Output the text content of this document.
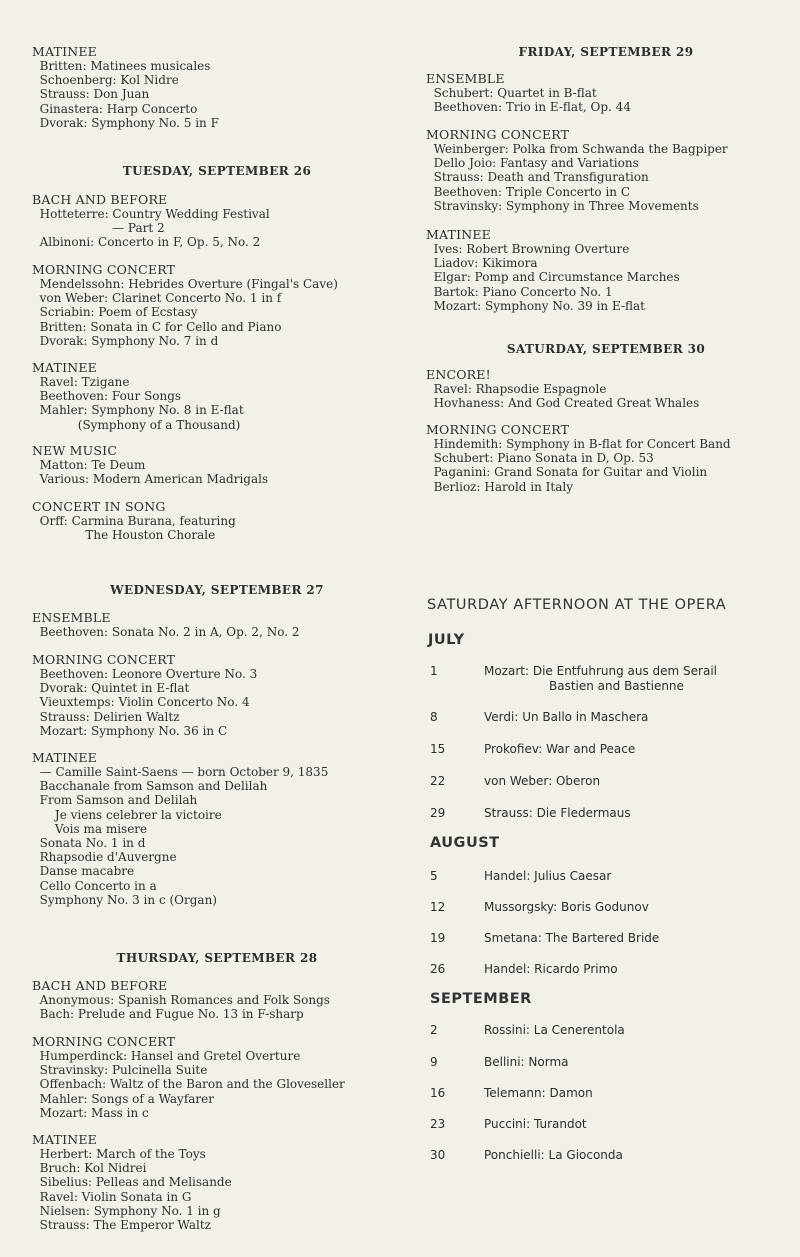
MATINEE
Britten: Matinees musicales
Schoenberg: Kol Nidre
Strauss: Don Juan
Ginastera: Harp Concerto
Dvorak: Symphony No. 5 in F
BACH AND BEFORE
Hotteterre: Country Wedding Festival
— Part 2
Albinoni: Concerto in F, Op. 5, No. 2
MORNING CONCERT
Mendelssohn: Hebrides Overture (Fingal's Cave)
von Weber: Clarinet Concerto No. 1 in f
Scriabin: Poem of Ecstasy
Britten: Sonata in C for Cello and Piano
Dvorak: Symphony No. 7 in d
MATINEE
Ravel: Tzigane
Beethoven: Four Songs
Mahler: Symphony No. 8 in E-flat
(Symphony of a Thousand)
NEW MUSIC
Matton: Te Deum
Various: Modern American Madrigals
CONCERT IN SONG
Orff: Carmina Burana, featuring
The Houston Chorale
ENSEMBLE
Beethoven: Sonata No. 2 in A, Op. 2, No. 2
MORNING CONCERT
Beethoven: Leonore Overture No. 3
Dvorak: Quintet in E-flat
Vieuxtemps: Violin Concerto No. 4
Strauss: Delirien Waltz
Mozart: Symphony No. 36 in C
MATINEE
— Camille Saint-Saens — born October 9, 1835
Bacchanale from Samson and Delilah
From Samson and Delilah
Je viens celebrer la victoire
Vois ma misere
Sonata No. 1 in d
Rhapsodie d'Auvergne
Danse macabre
Cello Concerto in a
Symphony No. 3 in c (Organ)
BACH AND BEFORE
Anonymous: Spanish Romances and Folk Songs
Bach: Prelude and Fugue No. 13 in F-sharp
MORNING CONCERT
Humperdinck: Hansel and Gretel Overture
Stravinsky: Pulcinella Suite
Offenbach: Waltz of the Baron and the Gloveseller
Mahler: Songs of a Wayfarer
Mozart: Mass in c
MATINEE
Herbert: March of the Toys
Bruch: Kol Nidrei
Sibelius: Pelleas and Melisande
Ravel: Violin Sonata in G
Nielsen: Symphony No. 1 in g
Strauss: The Emperor Waltz
TUESDAY, SEPTEMBER 26
WEDNESDAY, SEPTEMBER 27
THURSDAY, SEPTEMBER 28
ENSEMBLE
Schubert: Quartet in B-flat
Beethoven: Trio in E-flat, Op. 44
MORNING CONCERT
Weinberger: Polka from Schwanda the Bagpiper
Dello Joio: Fantasy and Variations
Strauss: Death and Transfiguration
Beethoven: Triple Concerto in C
Stravinsky: Symphony in Three Movements
MATINEE
Ives: Robert Browning Overture
Liadov: Kikimora
Elgar: Pomp and Circumstance Marches
Bartok: Piano Concerto No. 1
Mozart: Symphony No. 39 in E-flat
ENCORE!
Ravel: Rhapsodie Espagnole
Hovhaness: And God Created Great Whales
MORNING CONCERT
Hindemith: Symphony in B-flat for Concert Band
Schubert: Piano Sonata in D, Op. 53
Paganini: Grand Sonata for Guitar and Violin
Berlioz: Harold in Italy
FRIDAY, SEPTEMBER 29
SATURDAY, SEPTEMBER 30
SATURDAY AFTERNOON AT THE OPERA
JULY
1	Mozart: Die Entfuhrung aus dem Serail
Bastien and Bastienne
8	Verdi: Un Ballo in Maschera
15	Prokofiev: War and Peace
22	von Weber: Oberon
29	Strauss: Die Fledermaus
AUGUST
5	Handel: Julius Caesar
12	Mussorgsky: Boris Godunov
19	Smetana: The Bartered Bride
26	Handel: Ricardo Primo
SEPTEMBER
2	Rossini: La Cenerentola
9	Bellini: Norma
16	Telemann: Damon
23	Puccini: Turandot
30	Ponchielli: La Gioconda
